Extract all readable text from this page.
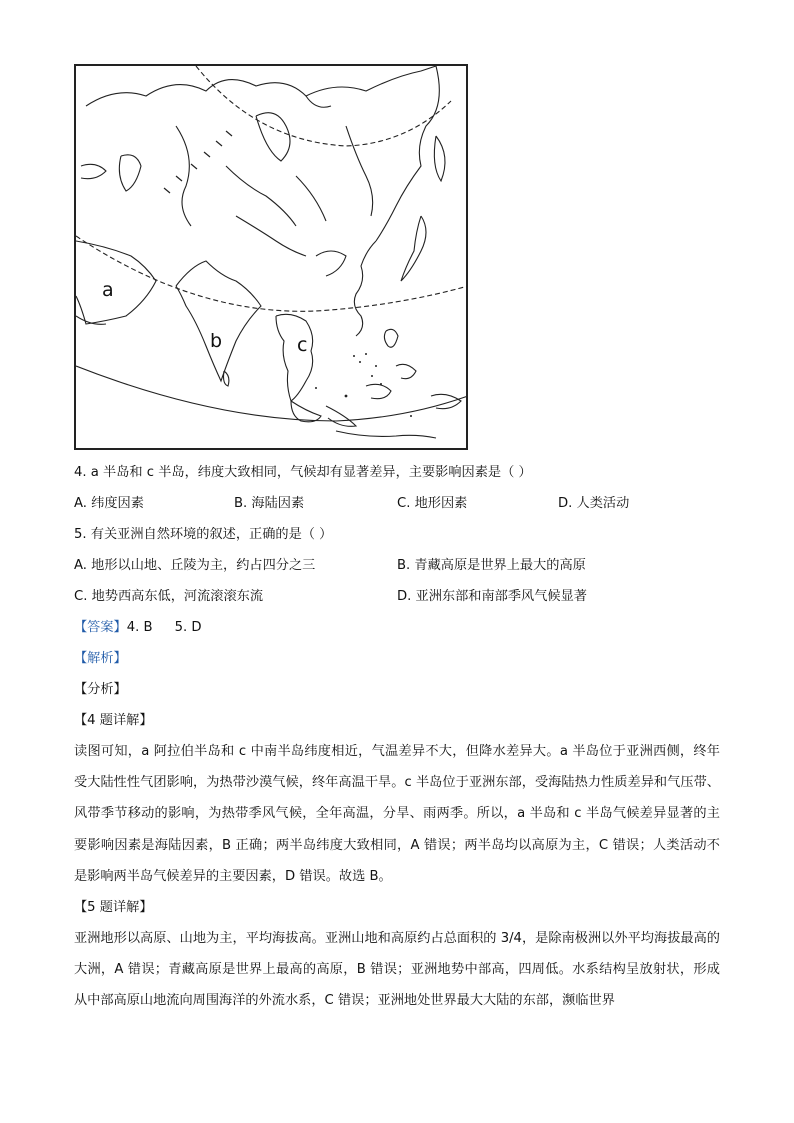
a
b	c
4. a 半岛和 c 半岛，纬度大致相同，气候却有显著差异，主要影响因素是（ ）
A. 纬度因素	B. 海陆因素	C. 地形因素	D. 人类活动
5. 有关亚洲自然环境的叙述，正确的是（ ）
A. 地形以山地、丘陵为主，约占四分之三	B. 青藏高原是世界上最大的高原
C. 地势西高东低，河流滚滚东流	D. 亚洲东部和南部季风气候显著
【答案】4. B 5. D
【解析】
【分析】
【4 题详解】
读图可知，a 阿拉伯半岛和 c 中南半岛纬度相近，气温差异不大，但降水差异大。a 半岛位于亚洲西侧，终年受大陆性性气团影响，为热带沙漠气候，终年高温干旱。c 半岛位于亚洲东部，受海陆热力性质差异和气压带、风带季节移动的影响，为热带季风气候，全年高温，分旱、雨两季。所以，a 半岛和 c 半岛气候差异显著的主要影响因素是海陆因素，B 正确；两半岛纬度大致相同，A 错误；两半岛均以高原为主，C 错误；人类活动不是影响两半岛气候差异的主要因素，D 错误。故选 B。
【5 题详解】
亚洲地形以高原、山地为主，平均海拔高。亚洲山地和高原约占总面积的 3/4，是除南极洲以外平均海拔最高的大洲，A 错误；青藏高原是世界上最高的高原，B 错误；亚洲地势中部高，四周低。水系结构呈放射状，形成从中部高原山地流向周围海洋的外流水系，C 错误；亚洲地处世界最大大陆的东部，濒临世界
